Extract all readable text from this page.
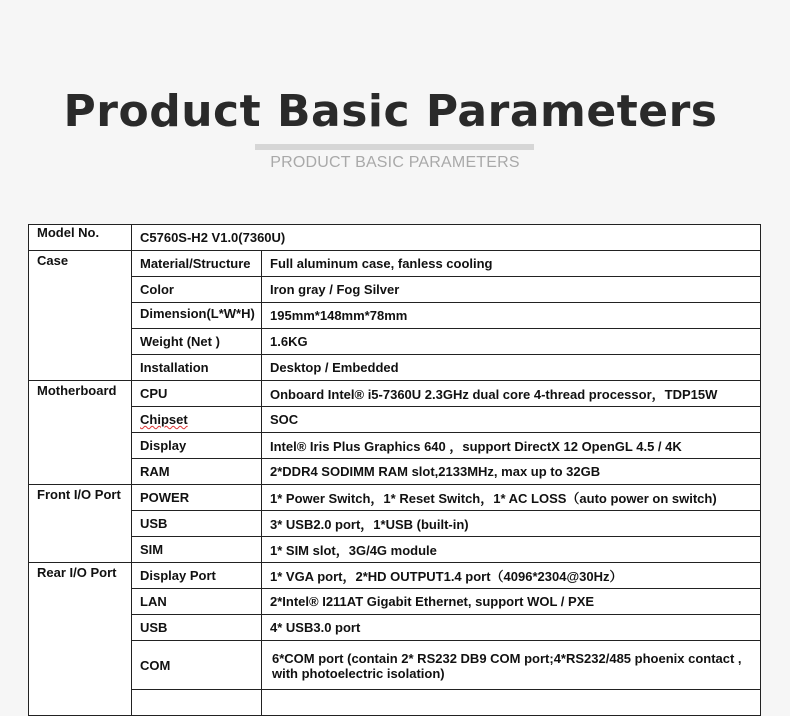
Product Basic Parameters
PRODUCT BASIC PARAMETERS
Model No.	C5760S-H2 V1.0(7360U)	
Case	Material/Structure	Full aluminum case, fanless cooling
	Color	Iron gray / Fog Silver

	Dimension(L*W*H)	195mm*148mm*78mm
	Weight (Net )	1.6KG
	Installation	Desktop / Embedded
Motherboard	CPU	Onboard Intel® i5-7360U 2.3GHz dual core 4-thread processor，TDP15W
	Chipset	SOC
	Display	Intel® Iris Plus Graphics 640 ，support DirectX 12 OpenGL 4.5 / 4K
	RAM	2*DDR4 SODIMM RAM slot,2133MHz, max up to 32GB
Front I/O Port	POWER	1* Power Switch，1* Reset Switch，1* AC LOSS（auto power on switch)
	USB	3* USB2.0 port，1*USB (built-in)
	SIM	1* SIM slot，3G/4G module
Rear I/O Port	Display Port	1* VGA port，2*HD OUTPUT1.4 port（4096*2304@30Hz）
	LAN	2*Intel® I211AT Gigabit Ethernet, support WOL / PXE
	USB	4* USB3.0 port
	COM	6*COM port (contain 2* RS232 DB9 COM port;4*RS232/485 phoenix contact ,
with photoelectric isolation)
